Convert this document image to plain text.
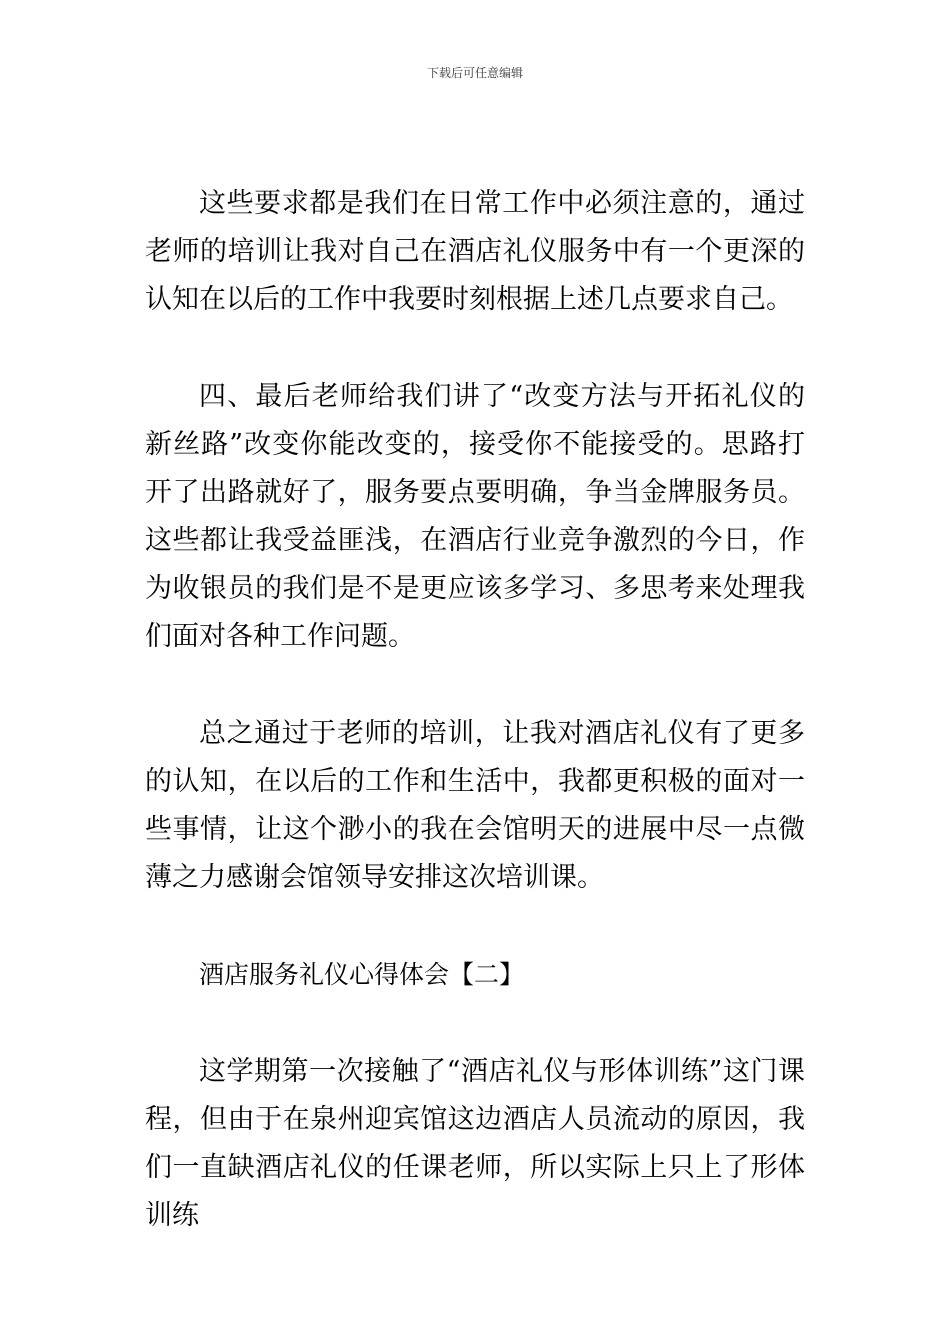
下载后可任意编辑

这些要求都是我们在日常工作中必须注意的，通过老师的培训让我对自己在酒店礼仪服务中有一个更深的认知在以后的工作中我要时刻根据上述几点要求自己。

四、最后老师给我们讲了“改变方法与开拓礼仪的新丝路”改变你能改变的，接受你不能接受的。思路打开了出路就好了，服务要点要明确，争当金牌服务员。这些都让我受益匪浅，在酒店行业竞争激烈的今日，作为收银员的我们是不是更应该多学习、多思考来处理我们面对各种工作问题。

总之通过于老师的培训，让我对酒店礼仪有了更多的认知，在以后的工作和生活中，我都更积极的面对一些事情，让这个渺小的我在会馆明天的进展中尽一点微薄之力感谢会馆领导安排这次培训课。

酒店服务礼仪心得体会【二】

这学期第一次接触了“酒店礼仪与形体训练”这门课程，但由于在泉州迎宾馆这边酒店人员流动的原因，我们一直缺酒店礼仪的任课老师，所以实际上只上了形体训练
